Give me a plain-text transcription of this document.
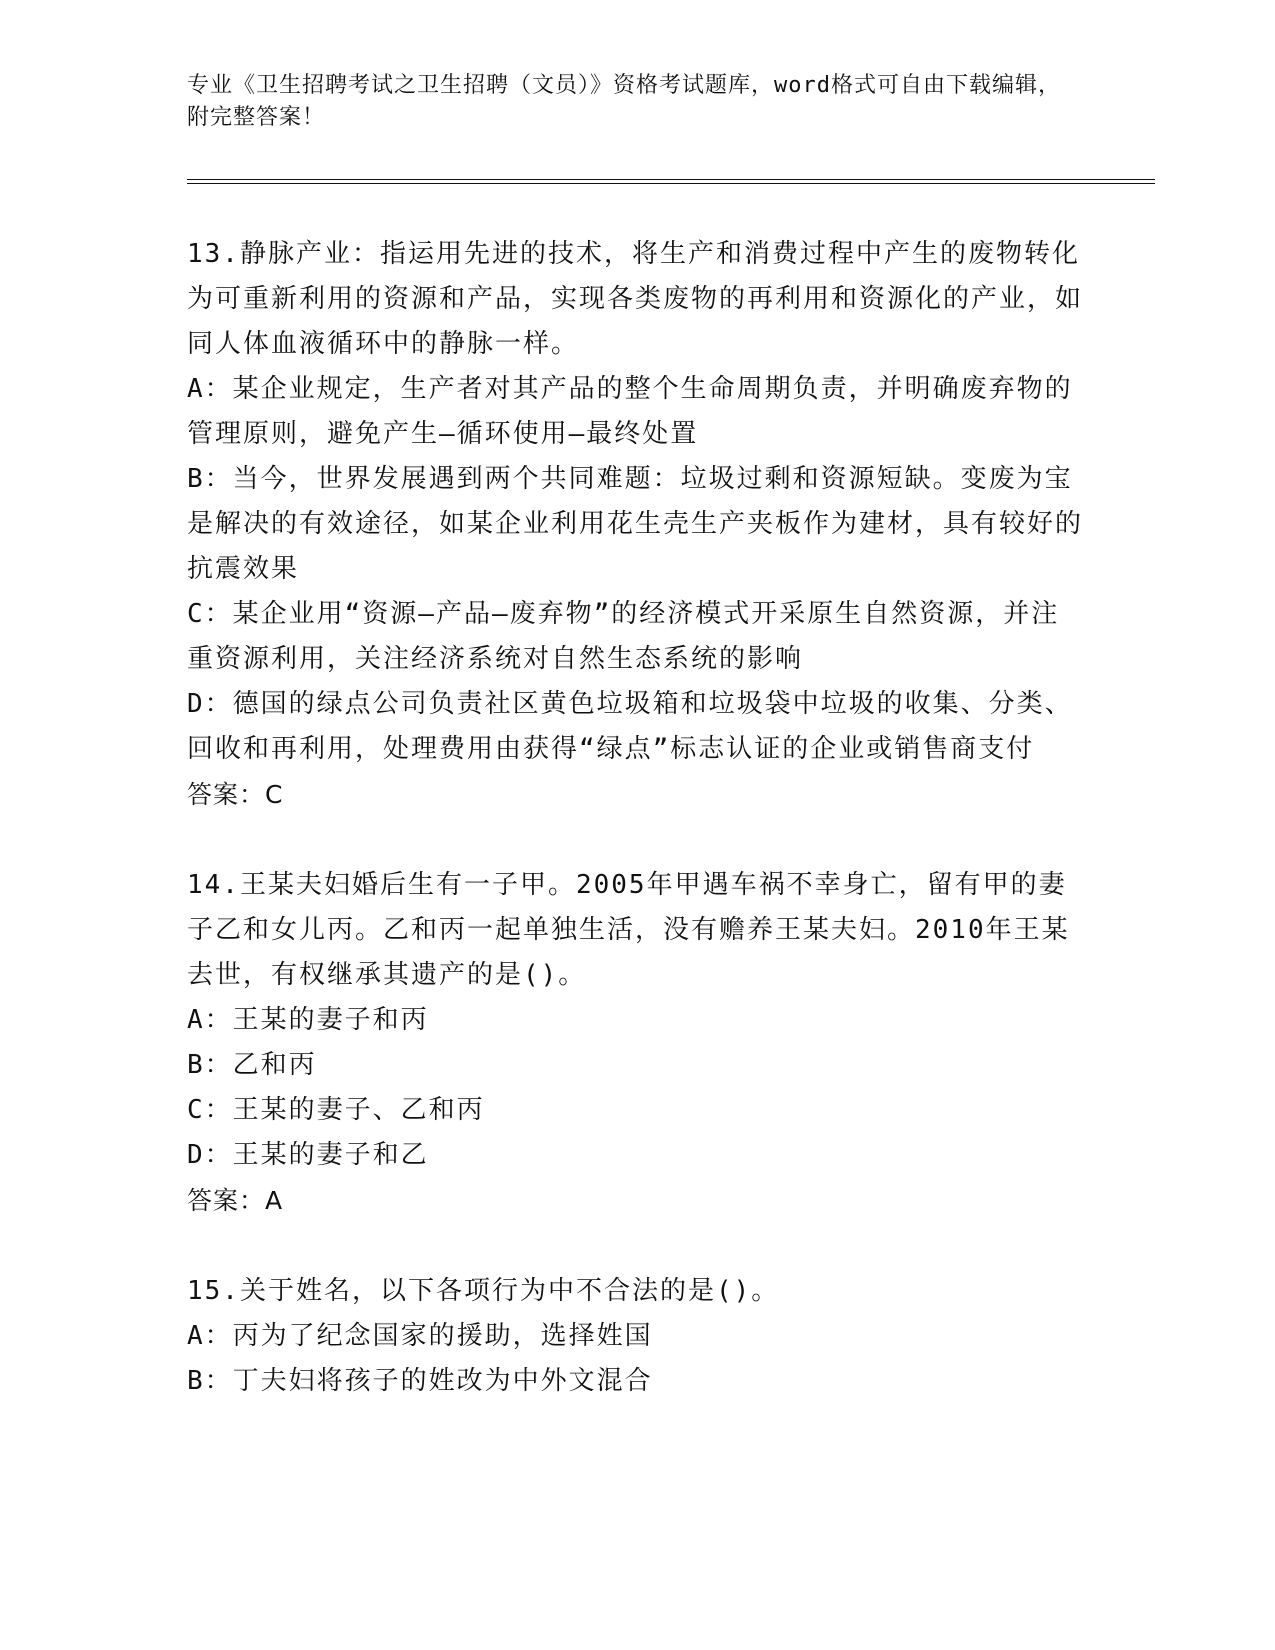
专业《卫生招聘考试之卫生招聘（文员）》资格考试题库，word格式可自由下载编辑，附完整答案！

13.静脉产业：指运用先进的技术，将生产和消费过程中产生的废物转化为可重新利用的资源和产品，实现各类废物的再利用和资源化的产业，如同人体血液循环中的静脉一样。

A：某企业规定，生产者对其产品的整个生命周期负责，并明确废弃物的管理原则，避免产生—循环使用—最终处置

B：当今，世界发展遇到两个共同难题：垃圾过剩和资源短缺。变废为宝是解决的有效途径，如某企业利用花生壳生产夹板作为建材，具有较好的抗震效果

C：某企业用“资源—产品—废弃物”的经济模式开采原生自然资源，并注重资源利用，关注经济系统对自然生态系统的影响

D：德国的绿点公司负责社区黄色垃圾箱和垃圾袋中垃圾的收集、分类、回收和再利用，处理费用由获得“绿点”标志认证的企业或销售商支付

答案：C

14.王某夫妇婚后生有一子甲。2005年甲遇车祸不幸身亡，留有甲的妻子乙和女儿丙。乙和丙一起单独生活，没有赡养王某夫妇。2010年王某去世，有权继承其遗产的是()。

A：王某的妻子和丙

B：乙和丙

C：王某的妻子、乙和丙

D：王某的妻子和乙

答案：A

15.关于姓名，以下各项行为中不合法的是()。

A：丙为了纪念国家的援助，选择姓国

B：丁夫妇将孩子的姓改为中外文混合
